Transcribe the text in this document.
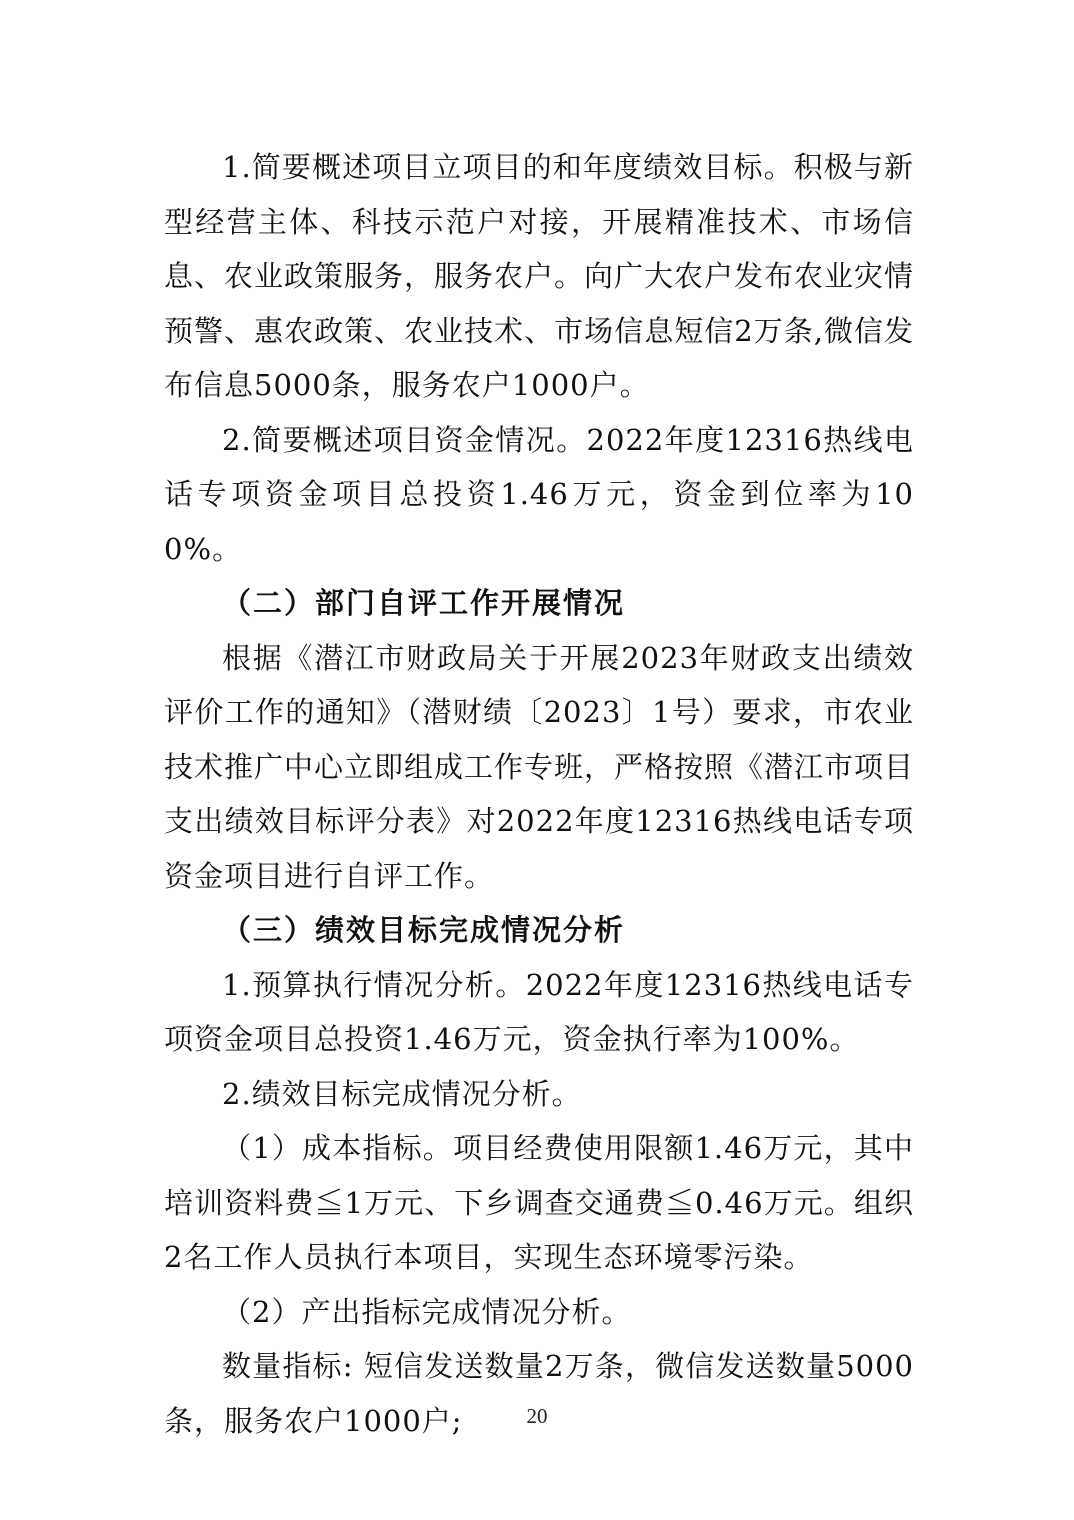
1.简要概述项目立项目的和年度绩效目标。积极与新型经营主体、科技示范户对接，开展精准技术、市场信息、农业政策服务，服务农户。向广大农户发布农业灾情预警、惠农政策、农业技术、市场信息短信2万条,微信发布信息5000条，服务农户1000户。

2.简要概述项目资金情况。2022年度12316热线电话专项资金项目总投资1.46万元，资金到位率为100%。

（二）部门自评工作开展情况

根据《潜江市财政局关于开展2023年财政支出绩效评价工作的通知》（潜财绩〔2023〕1号）要求，市农业技术推广中心立即组成工作专班，严格按照《潜江市项目支出绩效目标评分表》对2022年度12316热线电话专项资金项目进行自评工作。

（三）绩效目标完成情况分析

1.预算执行情况分析。2022年度12316热线电话专项资金项目总投资1.46万元，资金执行率为100%。

2.绩效目标完成情况分析。

（1）成本指标。项目经费使用限额1.46万元，其中培训资料费≦1万元、下乡调查交通费≦0.46万元。组织2名工作人员执行本项目，实现生态环境零污染。

（2）产出指标完成情况分析。

数量指标: 短信发送数量2万条，微信发送数量5000条，服务农户1000户;	20
